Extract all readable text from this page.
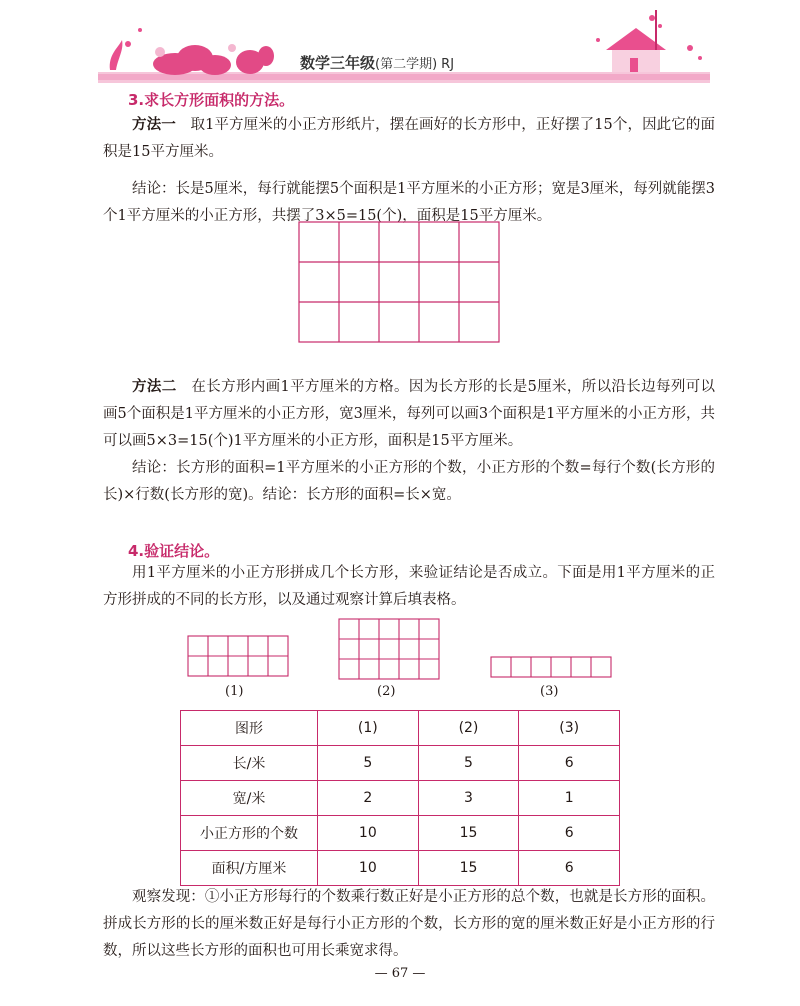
数学三年级(第二学期) RJ
3.求长方形面积的方法。

方法一　 取1平方厘米的小正方形纸片，摆在画好的长方形中，正好摆了15个，因此它的面积是15平方厘米。

结论：长是5厘米，每行就能摆5个面积是1平方厘米的小正方形；宽是3厘米，每列就能摆3个1平方厘米的小正方形，共摆了3×5=15(个)，面积是15平方厘米。

方法二　 在长方形内画1平方厘米的方格。因为长方形的长是5厘米，所以沿长边每列可以画5个面积是1平方厘米的小正方形，宽3厘米，每列可以画3个面积是1平方厘米的小正方形，共可以画5×3=15(个)1平方厘米的小正方形，面积是15平方厘米。

结论：长方形的面积=1平方厘米的小正方形的个数，小正方形的个数=每行个数(长方形的长)×行数(长方形的宽)。结论：长方形的面积=长×宽。

4.验证结论。

用1平方厘米的小正方形拼成几个长方形，来验证结论是否成立。下面是用1平方厘米的正方形拼成的不同的长方形，以及通过观察计算后填表格。

(1)	(2)	(3)
图形	(1)	(2)	(3)
长/米	5	5	6
宽/米	2	3	1
小正方形的个数	10	15	6
面积/方厘米	10	15	6

观察发现：①小正方形每行的个数乘行数正好是小正方形的总个数，也就是长方形的面积。拼成长方形的长的厘米数正好是每行小正方形的个数，长方形的宽的厘米数正好是小正方形的行数，所以这些长方形的面积也可用长乘宽求得。

— 67 —
